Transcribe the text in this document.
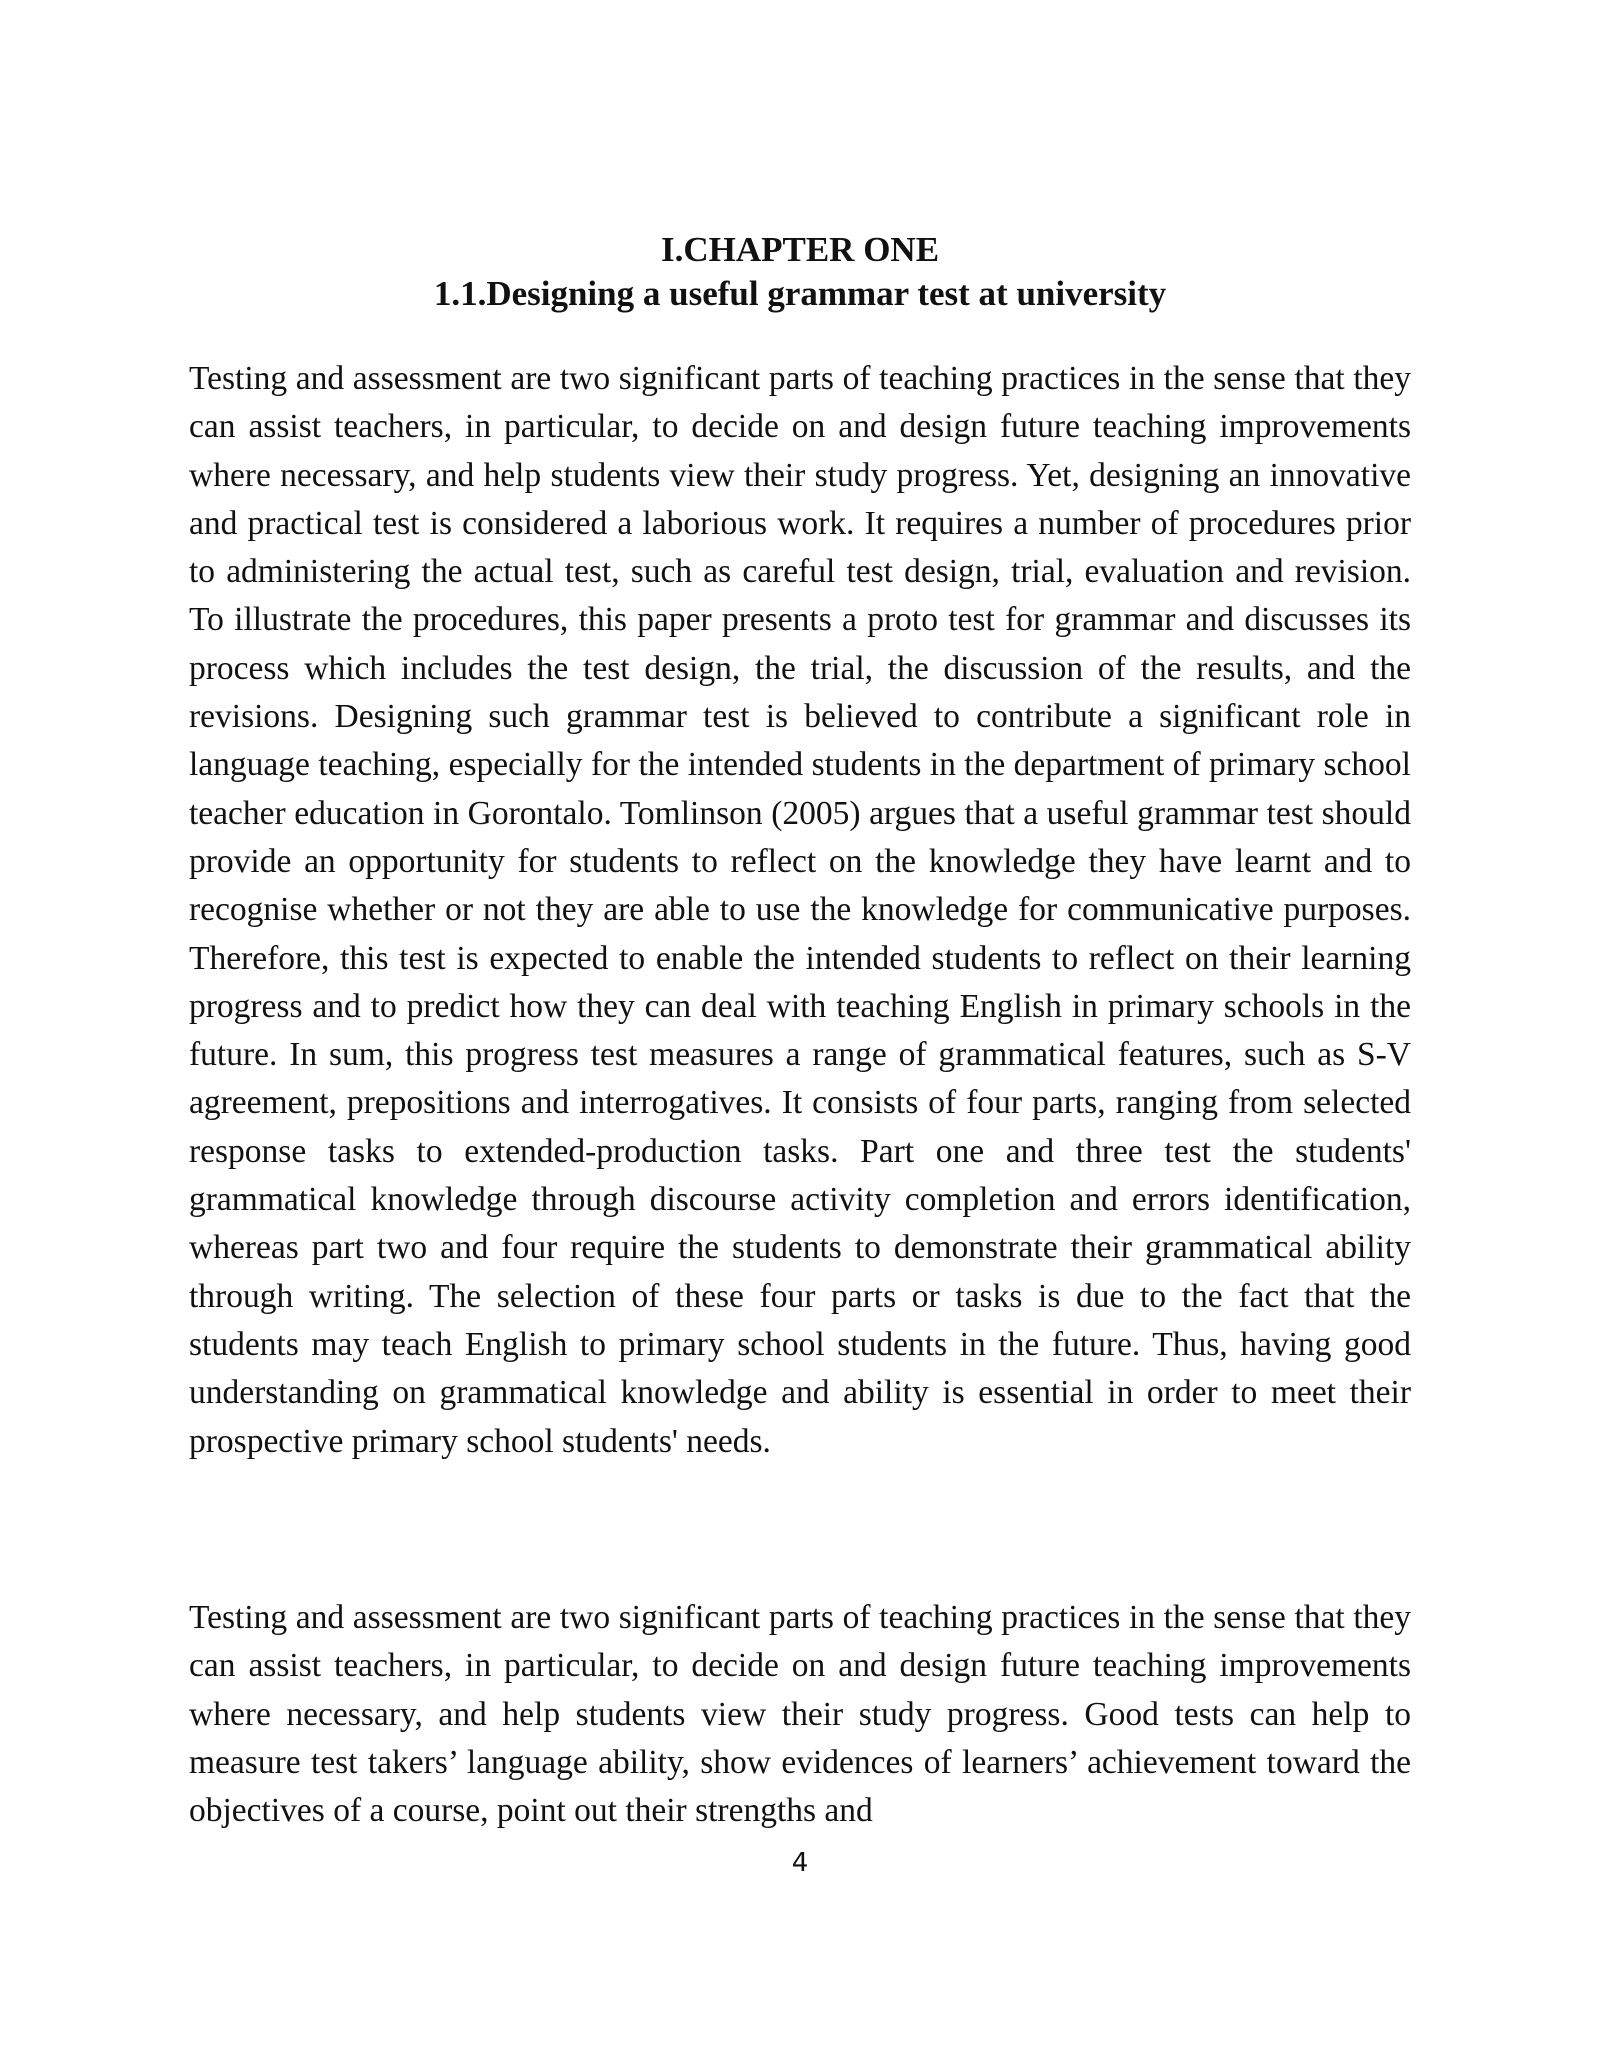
I.CHAPTER ONE
1.1.Designing a useful grammar test at university

Testing and assessment are two significant parts of teaching practices in the sense that they can assist teachers, in particular, to decide on and design future teaching improvements where necessary, and help students view their study progress. Yet, designing an innovative and practical test is considered a laborious work. It requires a number of procedures prior to administering the actual test, such as careful test design, trial, evaluation and revision. To illustrate the procedures, this paper presents a proto test for grammar and discusses its process which includes the test design, the trial, the discussion of the results, and the revisions. Designing such grammar test is believed to contribute a significant role in language teaching, especially for the intended students in the department of primary school teacher education in Gorontalo. Tomlinson (2005) argues that a useful grammar test should provide an opportunity for students to reflect on the knowledge they have learnt and to recognise whether or not they are able to use the knowledge for communicative purposes. Therefore, this test is expected to enable the intended students to reflect on their learning progress and to predict how they can deal with teaching English in primary schools in the future. In sum, this progress test measures a range of grammatical features, such as S-V agreement, prepositions and interrogatives. It consists of four parts, ranging from selected response tasks to extended-production tasks. Part one and three test the students' grammatical knowledge through discourse activity completion and errors identification, whereas part two and four require the students to demonstrate their grammatical ability through writing. The selection of these four parts or tasks is due to the fact that the students may teach English to primary school students in the future. Thus, having good understanding on grammatical knowledge and ability is essential in order to meet their prospective primary school students' needs.

Testing and assessment are two significant parts of teaching practices in the sense that they can assist teachers, in particular, to decide on and design future teaching improvements where necessary, and help students view their study progress. Good tests can help to measure test takers’ language ability, show evidences of learners’ achievement toward the objectives of a course, point out their strengths and

4
